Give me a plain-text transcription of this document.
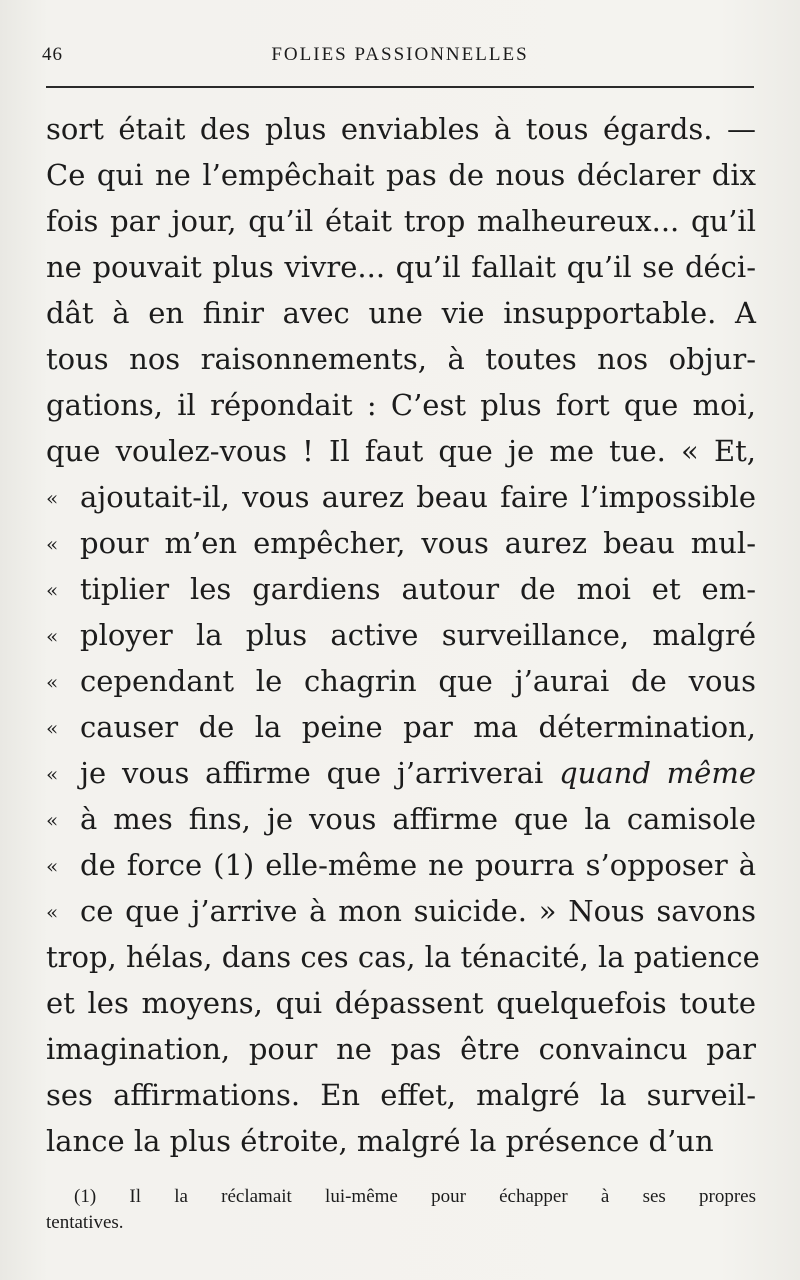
46	FOLIES PASSIONNELLES
sort était des plus enviables à tous égards. —
Ce qui ne l’empêchait pas de nous déclarer dix
fois par jour, qu’il était trop malheureux... qu’il
ne pouvait plus vivre... qu’il fallait qu’il se déci-
dât à en finir avec une vie insupportable. A
tous nos raisonnements, à toutes nos objur-
gations, il répondait : C’est plus fort que moi,
que voulez-vous ! Il faut que je me tue. « Et,
« ajoutait-il, vous aurez beau faire l’impossible
« pour m’en empêcher, vous aurez beau mul-
« tiplier les gardiens autour de moi et em-
« ployer la plus active surveillance, malgré
« cependant le chagrin que j’aurai de vous
« causer de la peine par ma détermination,
« je vous affirme que j’arriverai quand même
« à mes fins, je vous affirme que la camisole
« de force (1) elle-même ne pourra s’opposer à
« ce que j’arrive à mon suicide. » Nous savons
trop, hélas, dans ces cas, la ténacité, la patience
et les moyens, qui dépassent quelquefois toute
imagination, pour ne pas être convaincu par
ses affirmations. En effet, malgré la surveil-
lance la plus étroite, malgré la présence d’un
(1) Il la réclamait lui-même pour échapper à ses propres
tentatives.
